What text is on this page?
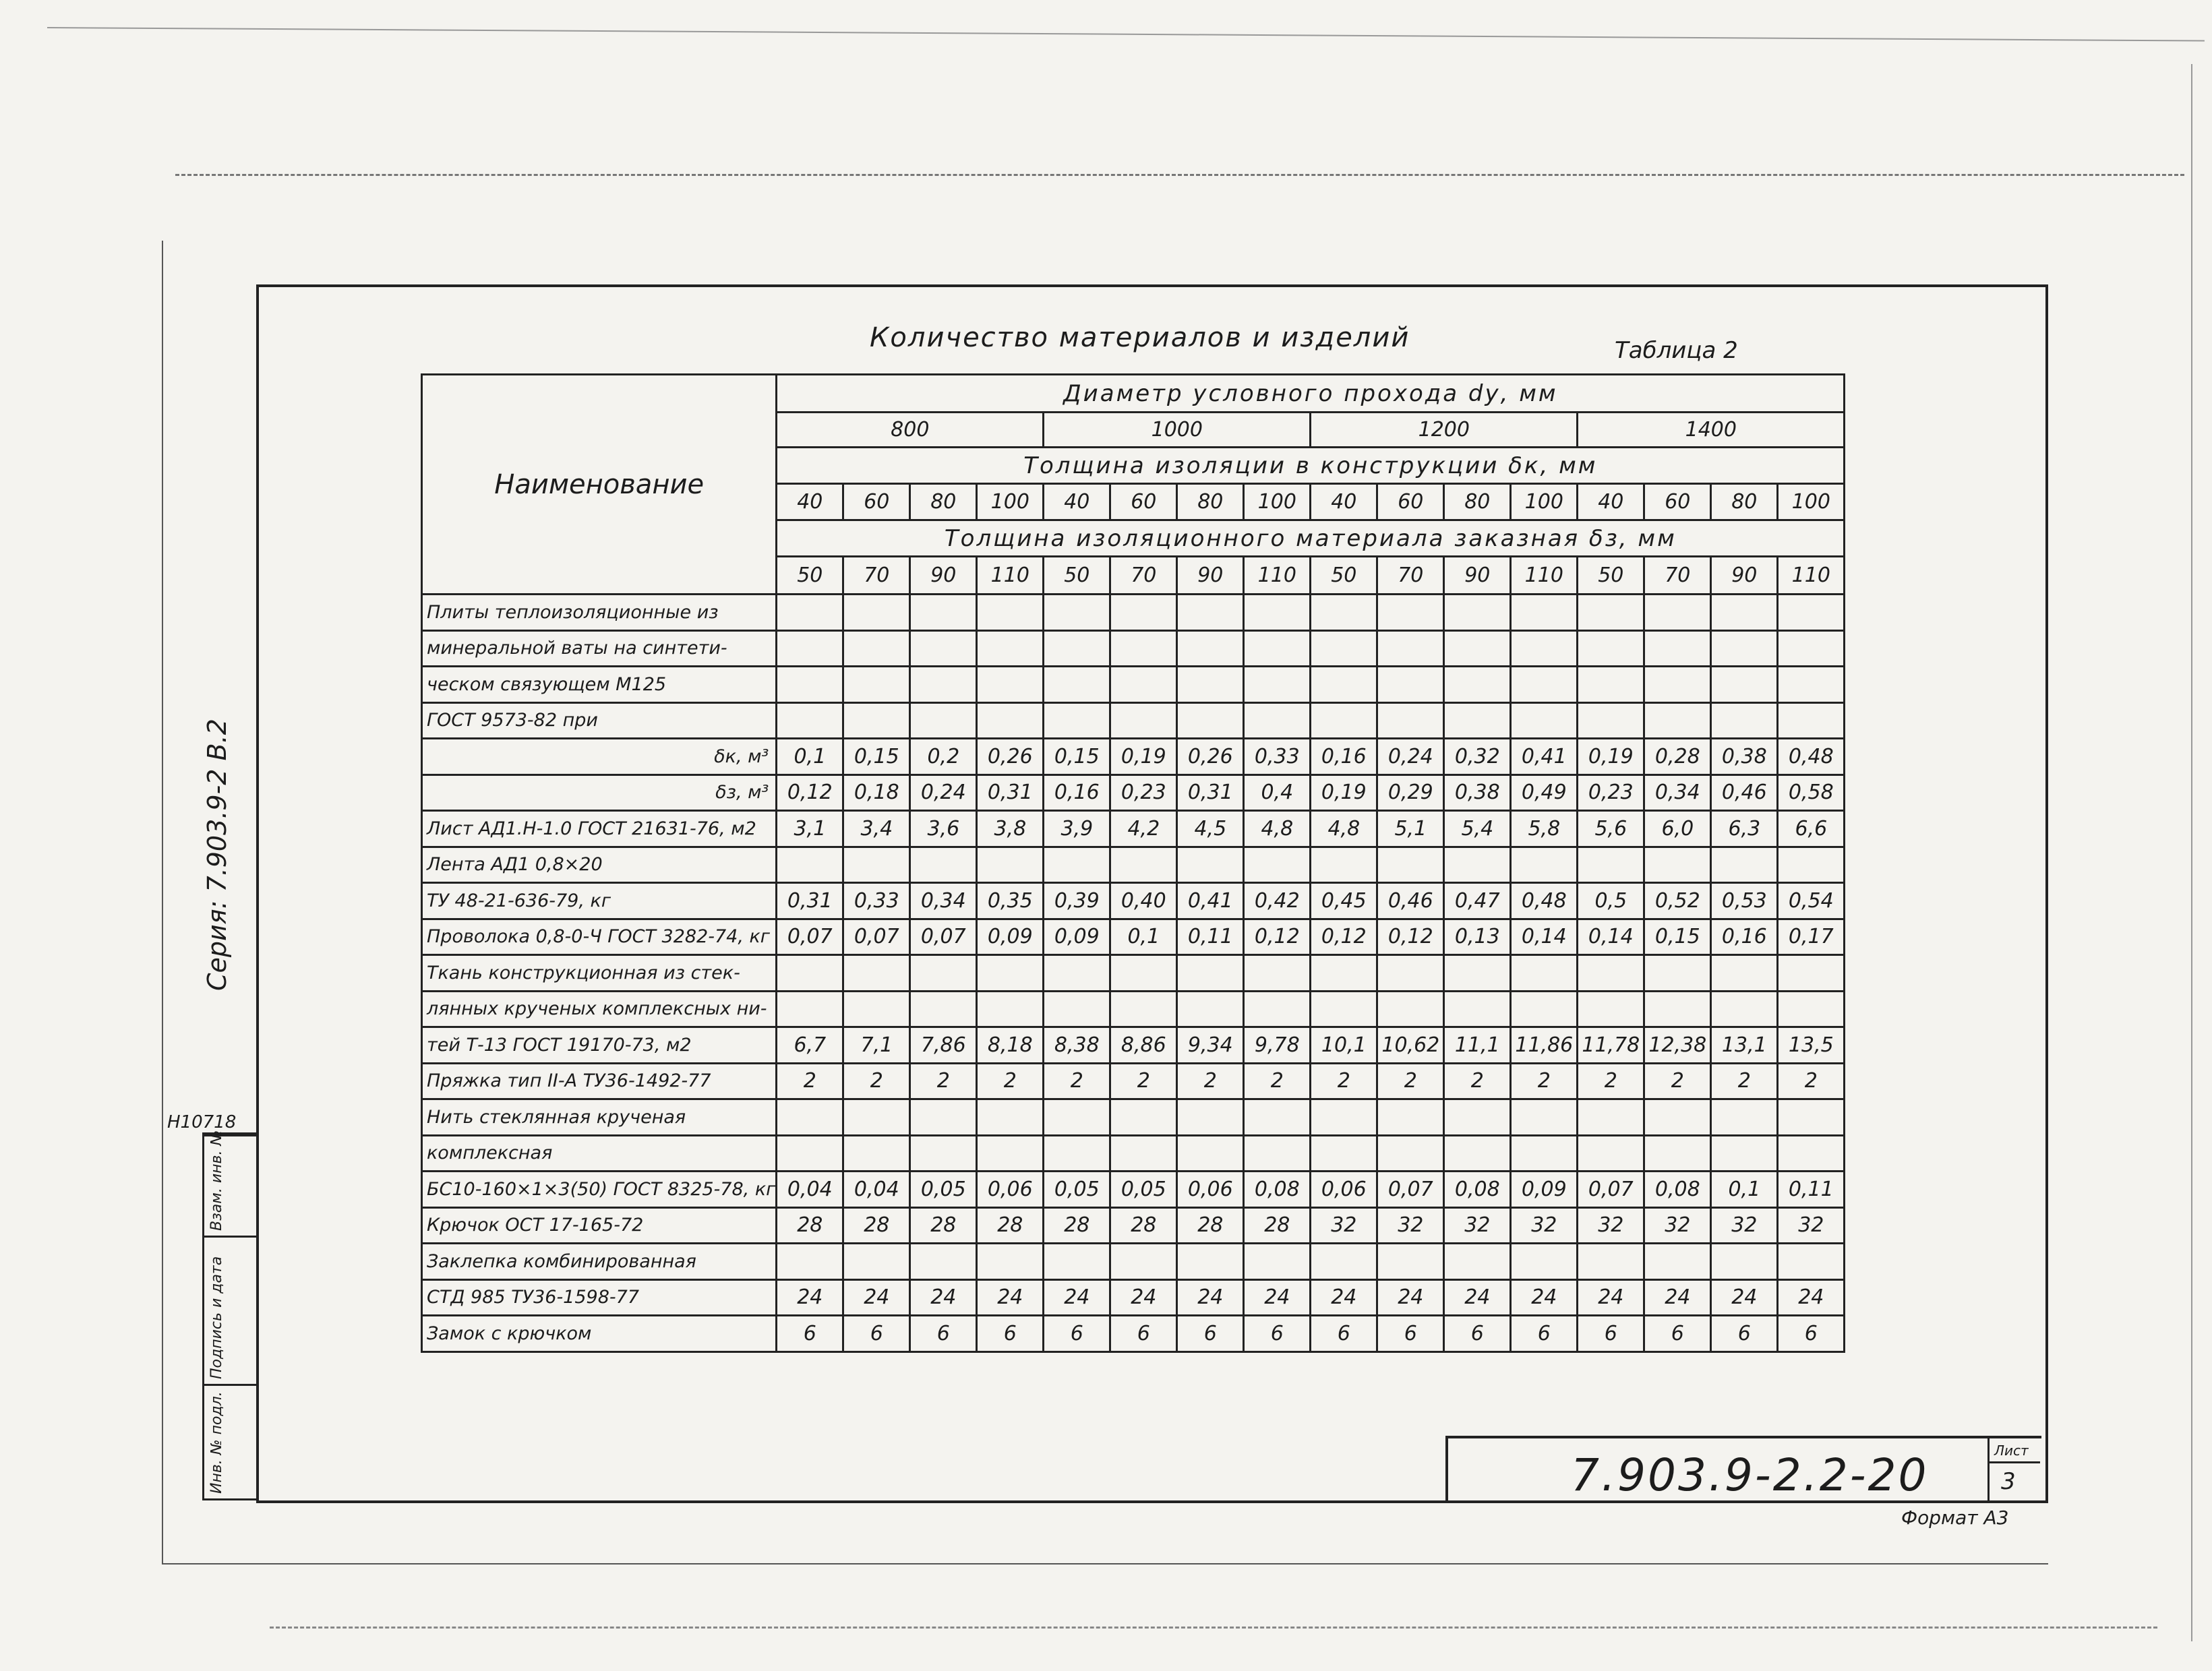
Количество материалов и изделий	Таблица 2
Серия: 7.903.9-2 В.2
Н10718
Взам. инв. №
Подпись и дата
Инв. № подл.
Наименование	Диаметр условного прохода dу, мм															
	800				1000				1200				1400			
	Толщина изоляции в конструкции δк, мм															
	40	60	80	100	40	60	80	100	40	60	80	100	40	60	80	100
	Толщина изоляционного материала заказная δз, мм															
	50	70	90	110	50	70	90	110	50	70	90	110	50	70	90	110
Плиты теплоизоляционные из																
минеральной ваты на синтети-																
ческом связующем М125																
ГОСТ 9573-82 при																
δк, м³	0,1	0,15	0,2	0,26	0,15	0,19	0,26	0,33	0,16	0,24	0,32	0,41	0,19	0,28	0,38	0,48
δз, м³	0,12	0,18	0,24	0,31	0,16	0,23	0,31	0,4	0,19	0,29	0,38	0,49	0,23	0,34	0,46	0,58
Лист АД1.Н-1.0 ГОСТ 21631-76, м2	3,1	3,4	3,6	3,8	3,9	4,2	4,5	4,8	4,8	5,1	5,4	5,8	5,6	6,0	6,3	6,6
Лента АД1 0,8×20																
ТУ 48-21-636-79, кг	0,31	0,33	0,34	0,35	0,39	0,40	0,41	0,42	0,45	0,46	0,47	0,48	0,5	0,52	0,53	0,54
Проволока 0,8-0-Ч ГОСТ 3282-74, кг	0,07	0,07	0,07	0,09	0,09	0,1	0,11	0,12	0,12	0,12	0,13	0,14	0,14	0,15	0,16	0,17
Ткань конструкционная из стек-																
лянных крученых комплексных ни-																
тей Т-13 ГОСТ 19170-73, м2	6,7	7,1	7,86	8,18	8,38	8,86	9,34	9,78	10,1	10,62	11,1	11,86	11,78	12,38	13,1	13,5
Пряжка тип II-А ТУ36-1492-77	2	2	2	2	2	2	2	2	2	2	2	2	2	2	2	2
Нить стеклянная крученая																
комплексная																
БС10-160×1×3(50) ГОСТ 8325-78, кг	0,04	0,04	0,05	0,06	0,05	0,05	0,06	0,08	0,06	0,07	0,08	0,09	0,07	0,08	0,1	0,11
Крючок ОСТ 17-165-72	28	28	28	28	28	28	28	28	32	32	32	32	32	32	32	32
Заклепка комбинированная																
СТД 985 ТУ36-1598-77	24	24	24	24	24	24	24	24	24	24	24	24	24	24	24	24
Замок с крючком	6	6	6	6	6	6	6	6	6	6	6	6	6	6	6	6
7.903.9-2.2-20	Лист
3
Формат А3
